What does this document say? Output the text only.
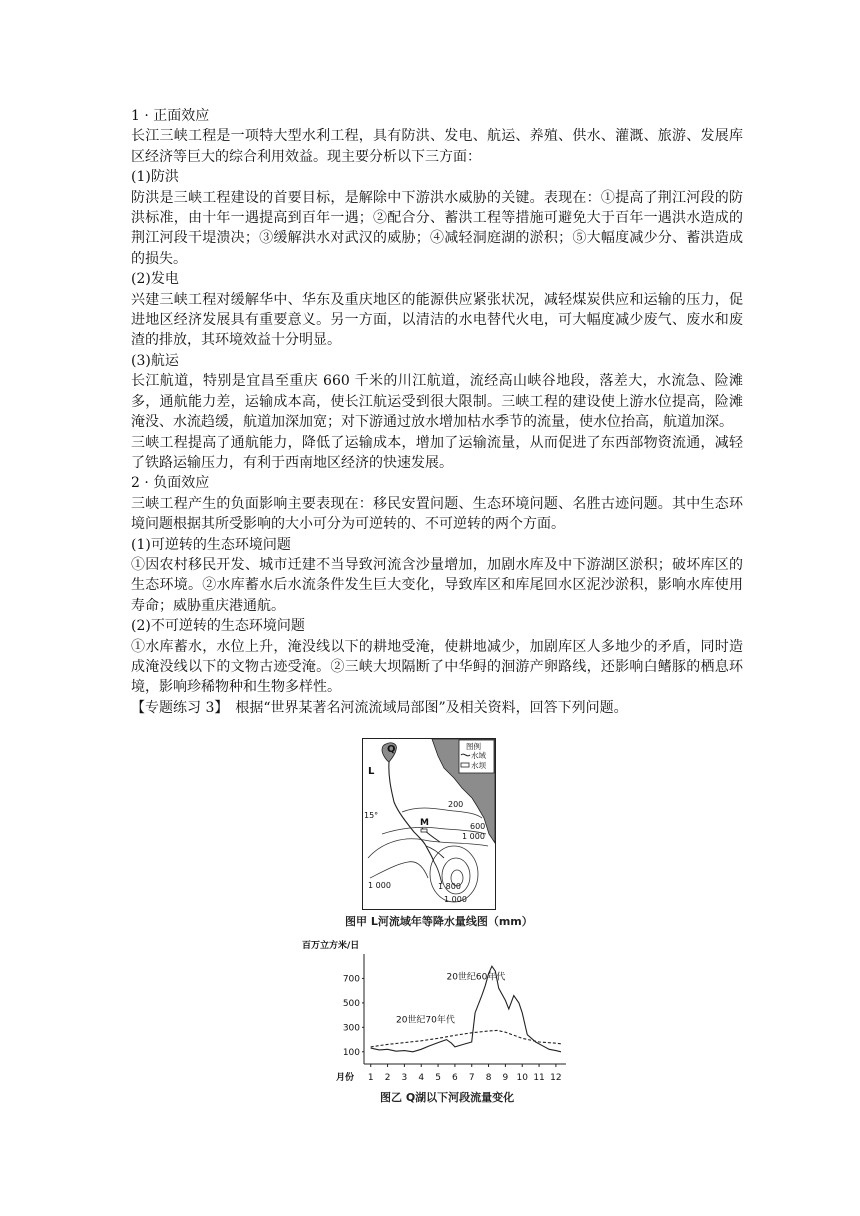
1 · 正面效应

长江三峡工程是一项特大型水利工程，具有防洪、发电、航运、养殖、供水、灌溉、旅游、发展库区经济等巨大的综合利用效益。现主要分析以下三方面：

(1)防洪

防洪是三峡工程建设的首要目标，是解除中下游洪水威胁的关键。表现在：①提高了荆江河段的防洪标准，由十年一遇提高到百年一遇；②配合分、蓄洪工程等措施可避免大于百年一遇洪水造成的荆江河段干堤溃决；③缓解洪水对武汉的威胁；④减轻洞庭湖的淤积；⑤大幅度减少分、蓄洪造成的损失。

(2)发电

兴建三峡工程对缓解华中、华东及重庆地区的能源供应紧张状况，减轻煤炭供应和运输的压力，促进地区经济发展具有重要意义。另一方面，以清洁的水电替代火电，可大幅度减少废气、废水和废渣的排放，其环境效益十分明显。

(3)航运

长江航道，特别是宜昌至重庆 660 千米的川江航道，流经高山峡谷地段，落差大，水流急、险滩多，通航能力差，运输成本高，使长江航运受到很大限制。三峡工程的建设使上游水位提高，险滩淹没、水流趋缓，航道加深加宽；对下游通过放水增加枯水季节的流量，使水位抬高，航道加深。

三峡工程提高了通航能力，降低了运输成本，增加了运输流量，从而促进了东西部物资流通，减轻了铁路运输压力，有利于西南地区经济的快速发展。

2 · 负面效应

三峡工程产生的负面影响主要表现在：移民安置问题、生态环境问题、名胜古迹问题。其中生态环境问题根据其所受影响的大小可分为可逆转的、不可逆转的两个方面。

(1)可逆转的生态环境问题

①因农村移民开发、城市迁建不当导致河流含沙量增加，加剧水库及中下游湖区淤积；破坏库区的生态环境。②水库蓄水后水流条件发生巨大变化，导致库区和库尾回水区泥沙淤积，影响水库使用寿命；威胁重庆港通航。

(2)不可逆转的生态环境问题

①水库蓄水，水位上升，淹没线以下的耕地受淹，使耕地减少，加剧库区人多地少的矛盾，同时造成淹没线以下的文物古迹受淹。②三峡大坝隔断了中华鲟的洄游产卵路线，还影响白鳍豚的栖息环境，影响珍稀物种和生物多样性。

【专题练习 3】　根据“世界某著名河流流域局部图”及相关资料，回答下列问题。

图例
水域
水坝
Q
L
M
15°
200
600
1 000
1 000	1 800
1 000
图甲 L河流域年等降水量线图（mm）
百万立方米/日
月份
100
300
500
700
1 2 3 4 5 6 7 8 9 10 11 12
20世纪60年代
20世纪70年代
图乙 Q湖以下河段流量变化
